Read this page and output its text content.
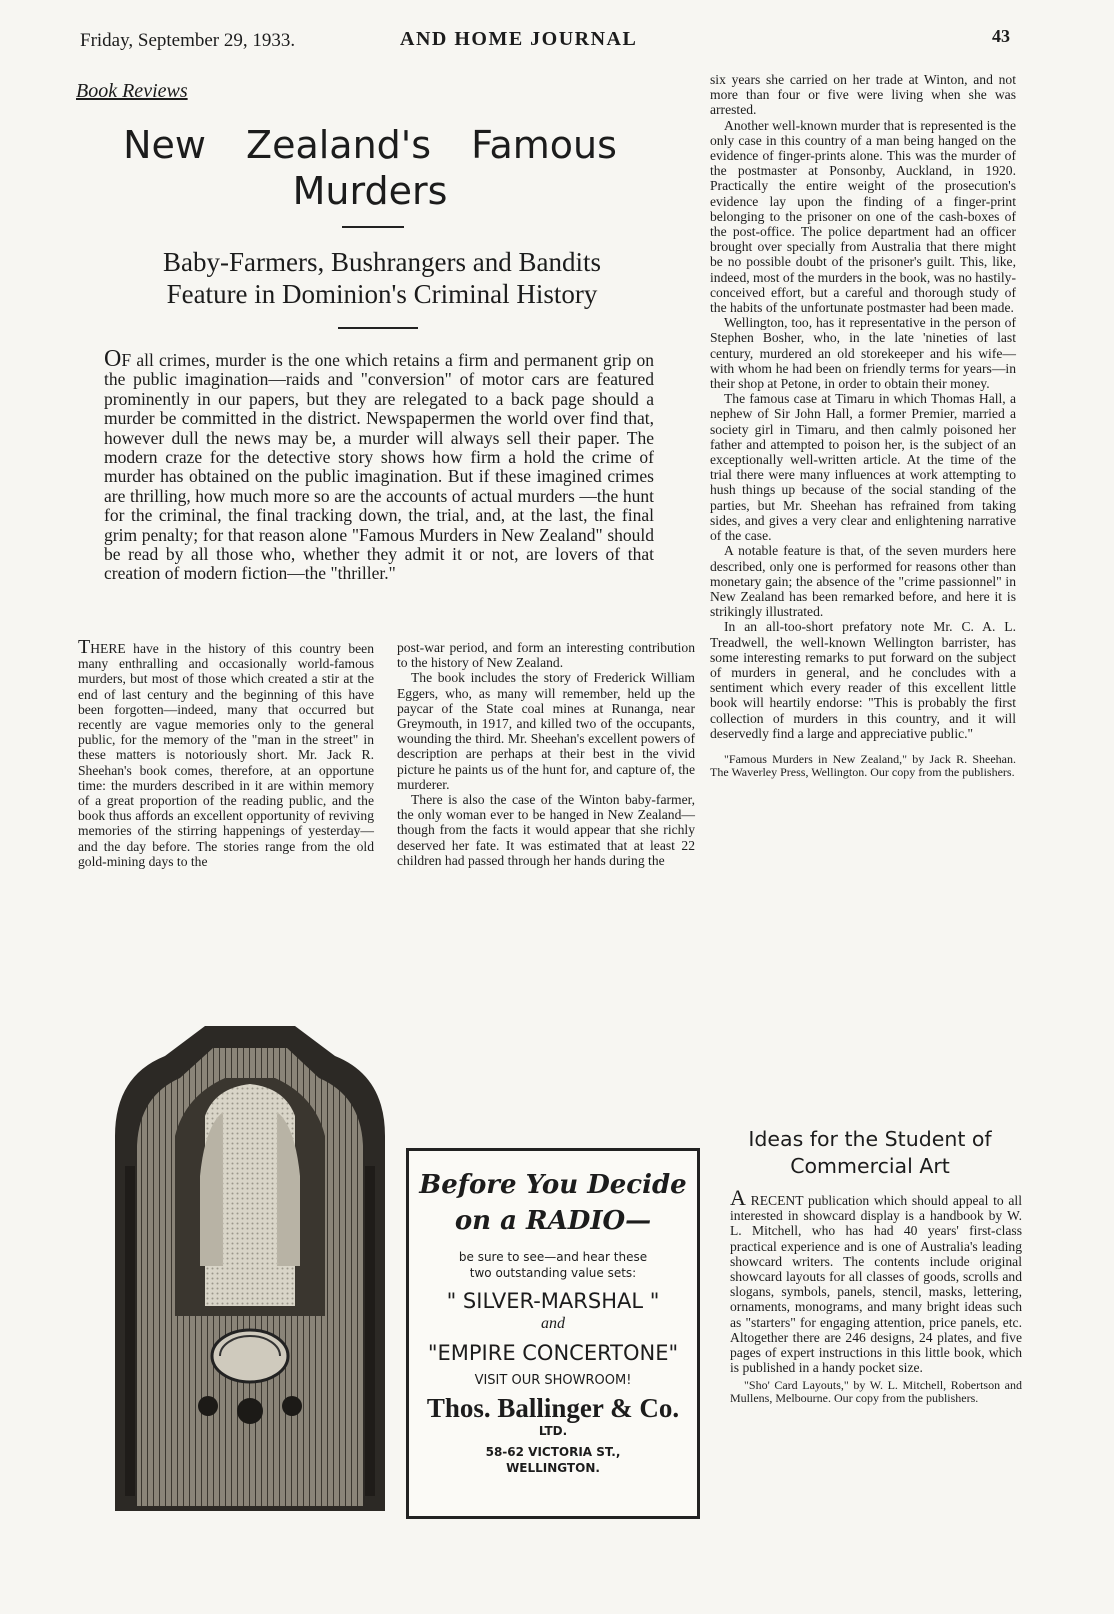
Friday, September 29, 1933.	AND HOME JOURNAL	43
Book Reviews
New Zealand's Famous
Murders
Baby-Farmers, Bushrangers and Bandits
Feature in Dominion's Criminal History
OF all crimes, murder is the one which retains a firm and permanent grip on the public imagination—raids and "conversion" of motor cars are featured prominently in our papers, but they are relegated to a back page should a murder be committed in the district. Newspapermen the world over find that, however dull the news may be, a murder will always sell their paper. The modern craze for the detective story shows how firm a hold the crime of murder has obtained on the public imagination. But if these imagined crimes are thrilling, how much more so are the accounts of actual murders —the hunt for the criminal, the final tracking down, the trial, and, at the last, the final grim penalty; for that reason alone "Famous Murders in New Zealand" should be read by all those who, whether they admit it or not, are lovers of that creation of modern fiction—the "thriller."

THERE have in the history of this country been many enthralling and occasionally world-famous murders, but most of those which created a stir at the end of last century and the beginning of this have been forgotten—indeed, many that occurred but recently are vague memories only to the general public, for the memory of the "man in the street" in these matters is notoriously short. Mr. Jack R. Sheehan's book comes, therefore, at an opportune time: the murders described in it are within memory of a great proportion of the reading public, and the book thus affords an excellent opportunity of reviving memories of the stirring happenings of yesterday—and the day before. The stories range from the old gold-mining days to the

post-war period, and form an interesting contribution to the history of New Zealand.

The book includes the story of Frederick William Eggers, who, as many will remember, held up the paycar of the State coal mines at Runanga, near Greymouth, in 1917, and killed two of the occupants, wounding the third. Mr. Sheehan's excellent powers of description are perhaps at their best in the vivid picture he paints us of the hunt for, and capture of, the murderer.

There is also the case of the Winton baby-farmer, the only woman ever to be hanged in New Zealand—though from the facts it would appear that she richly deserved her fate. It was estimated that at least 22 children had passed through her hands during the

six years she carried on her trade at Winton, and not more than four or five were living when she was arrested.

Another well-known murder that is represented is the only case in this country of a man being hanged on the evidence of finger-prints alone. This was the murder of the postmaster at Ponsonby, Auckland, in 1920. Practically the entire weight of the prosecution's evidence lay upon the finding of a finger-print belonging to the prisoner on one of the cash-boxes of the post-office. The police department had an officer brought over specially from Australia that there might be no possible doubt of the prisoner's guilt. This, like, indeed, most of the murders in the book, was no hastily-conceived effort, but a careful and thorough study of the habits of the unfortunate postmaster had been made.

Wellington, too, has it representative in the person of Stephen Bosher, who, in the late 'nineties of last century, murdered an old storekeeper and his wife—with whom he had been on friendly terms for years—in their shop at Petone, in order to obtain their money.

The famous case at Timaru in which Thomas Hall, a nephew of Sir John Hall, a former Premier, married a society girl in Timaru, and then calmly poisoned her father and attempted to poison her, is the subject of an exceptionally well-written article. At the time of the trial there were many influences at work attempting to hush things up because of the social standing of the parties, but Mr. Sheehan has refrained from taking sides, and gives a very clear and enlightening narrative of the case.

A notable feature is that, of the seven murders here described, only one is performed for reasons other than monetary gain; the absence of the "crime passionnel" in New Zealand has been remarked before, and here it is strikingly illustrated.

In an all-too-short prefatory note Mr. C. A. L. Treadwell, the well-known Wellington barrister, has some interesting remarks to put forward on the subject of murders in general, and he concludes with a sentiment which every reader of this excellent little book will heartily endorse: "This is probably the first collection of murders in this country, and it will deservedly find a large and appreciative public."

"Famous Murders in New Zealand," by Jack R. Sheehan. The Waverley Press, Wellington. Our copy from the publishers.

Ideas for the Student of
Commercial Art

A RECENT publication which should appeal to all interested in showcard display is a handbook by W. L. Mitchell, who has had 40 years' first-class practical experience and is one of Australia's leading showcard writers. The contents include original showcard layouts for all classes of goods, scrolls and slogans, symbols, panels, stencil, masks, lettering, ornaments, monograms, and many bright ideas such as "starters" for engaging attention, price panels, etc. Altogether there are 246 designs, 24 plates, and five pages of expert instructions in this little book, which is published in a handy pocket size.

"Sho' Card Layouts," by W. L. Mitchell, Robertson and Mullens, Melbourne. Our copy from the publishers.

Before You Decide
on a RADIO—
be sure to see—and hear these
two outstanding value sets:
" SILVER-MARSHAL "
and
"EMPIRE CONCERTONE"
VISIT OUR SHOWROOM!
Thos. Ballinger & Co.
LTD.
58-62 VICTORIA ST.,
WELLINGTON.
